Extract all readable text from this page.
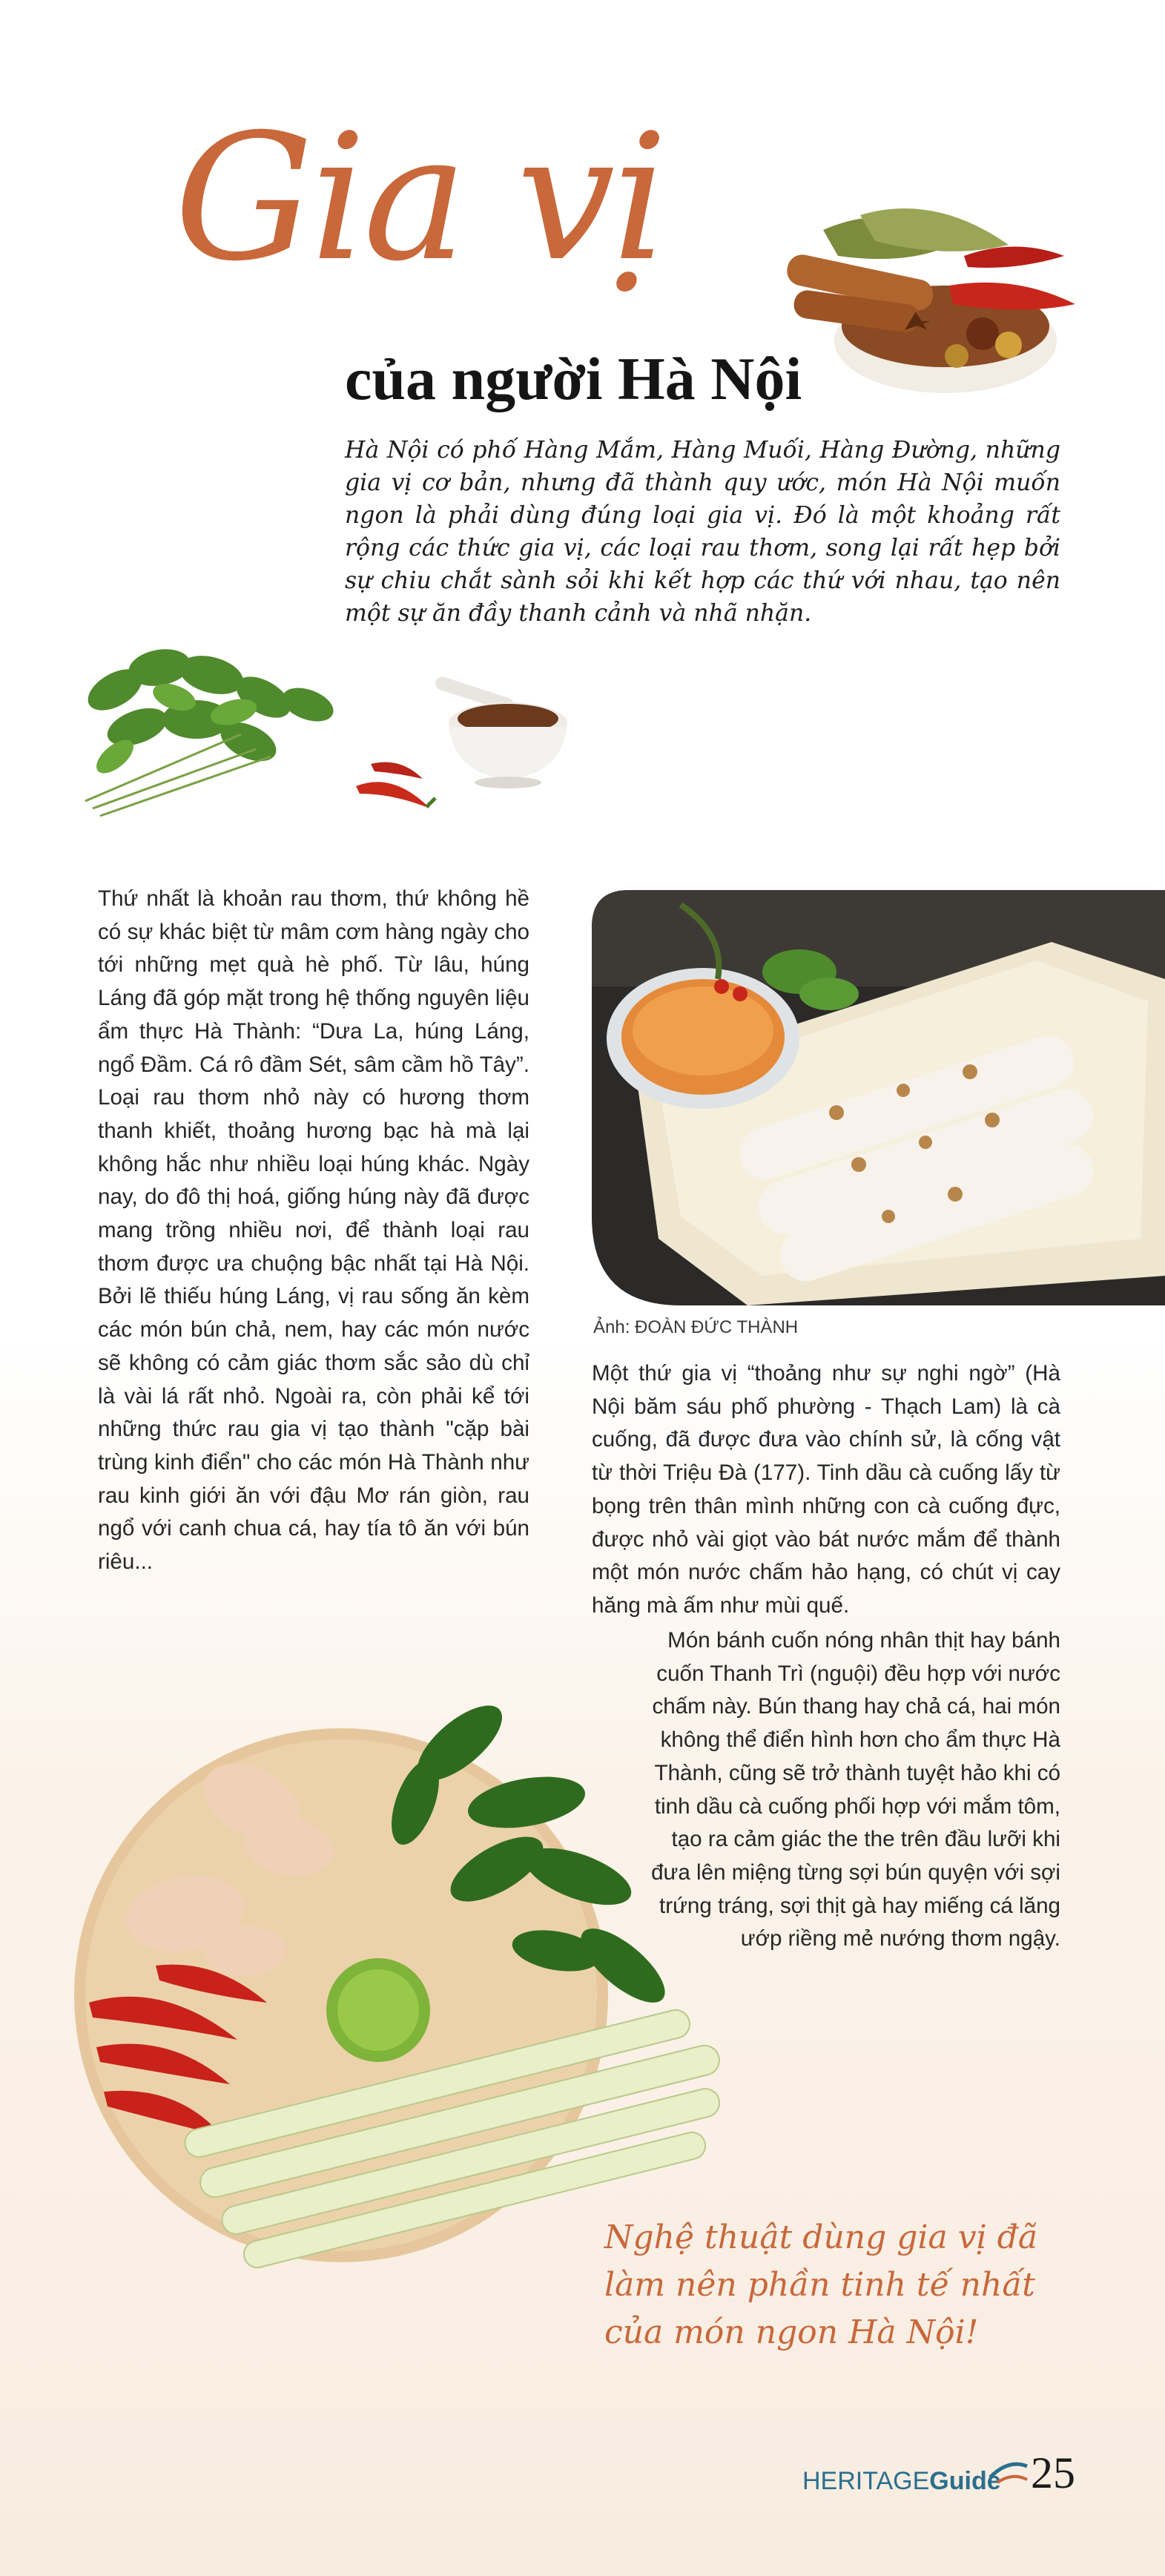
Gia vị
của người Hà Nội
Hà Nội có phố Hàng Mắm, Hàng Muối, Hàng Đường, những gia vị cơ bản, nhưng đã thành quy ước, món Hà Nội muốn ngon là phải dùng đúng loại gia vị. Đó là một khoảng rất rộng các thức gia vị, các loại rau thơm, song lại rất hẹp bởi sự chiu chắt sành sỏi khi kết hợp các thứ với nhau, tạo nên một sự ăn đầy thanh cảnh và nhã nhặn.
Thứ nhất là khoản rau thơm, thứ không hề có sự khác biệt từ mâm cơm hàng ngày cho tới những mẹt quà hè phố. Từ lâu, húng Láng đã góp mặt trong hệ thống nguyên liệu ẩm thực Hà Thành: “Dưa La, húng Láng, ngổ Đầm. Cá rô đầm Sét, sâm cầm hồ Tây”. Loại rau thơm nhỏ này có hương thơm thanh khiết, thoảng hương bạc hà mà lại không hắc như nhiều loại húng khác. Ngày nay, do đô thị hoá, giống húng này đã được mang trồng nhiều nơi, để thành loại rau thơm được ưa chuộng bậc nhất tại Hà Nội. Bởi lẽ thiếu húng Láng, vị rau sống ăn kèm các món bún chả, nem, hay các món nước sẽ không có cảm giác thơm sắc sảo dù chỉ là vài lá rất nhỏ. Ngoài ra, còn phải kể tới những thức rau gia vị tạo thành "cặp bài trùng kinh điển" cho các món Hà Thành như rau kinh giới ăn với đậu Mơ rán giòn, rau ngổ với canh chua cá, hay tía tô ăn với bún riêu...
Ảnh: ĐOÀN ĐỨC THÀNH
Một thứ gia vị “thoảng như sự nghi ngờ” (Hà Nội băm sáu phố phường - Thạch Lam) là cà cuống, đã được đưa vào chính sử, là cống vật từ thời Triệu Đà (177). Tinh dầu cà cuống lấy từ bọng trên thân mình những con cà cuống đực, được nhỏ vài giọt vào bát nước mắm để thành một món nước chấm hảo hạng, có chút vị cay hăng mà ấm như mùi quế.
Món bánh cuốn nóng nhân thịt hay bánh cuốn Thanh Trì (nguội) đều hợp với nước chấm này. Bún thang hay chả cá, hai món không thể điển hình hơn cho ẩm thực Hà Thành, cũng sẽ trở thành tuyệt hảo khi có tinh dầu cà cuống phối hợp với mắm tôm, tạo ra cảm giác the the trên đầu lưỡi khi đưa lên miệng từng sợi bún quyện với sợi trứng tráng, sợi thịt gà hay miếng cá lăng ướp riềng mẻ nướng thơm ngậy.
Nghệ thuật dùng gia vị đã làm nên phần tinh tế nhất của món ngon Hà Nội!
HERITAGEGuide 25
